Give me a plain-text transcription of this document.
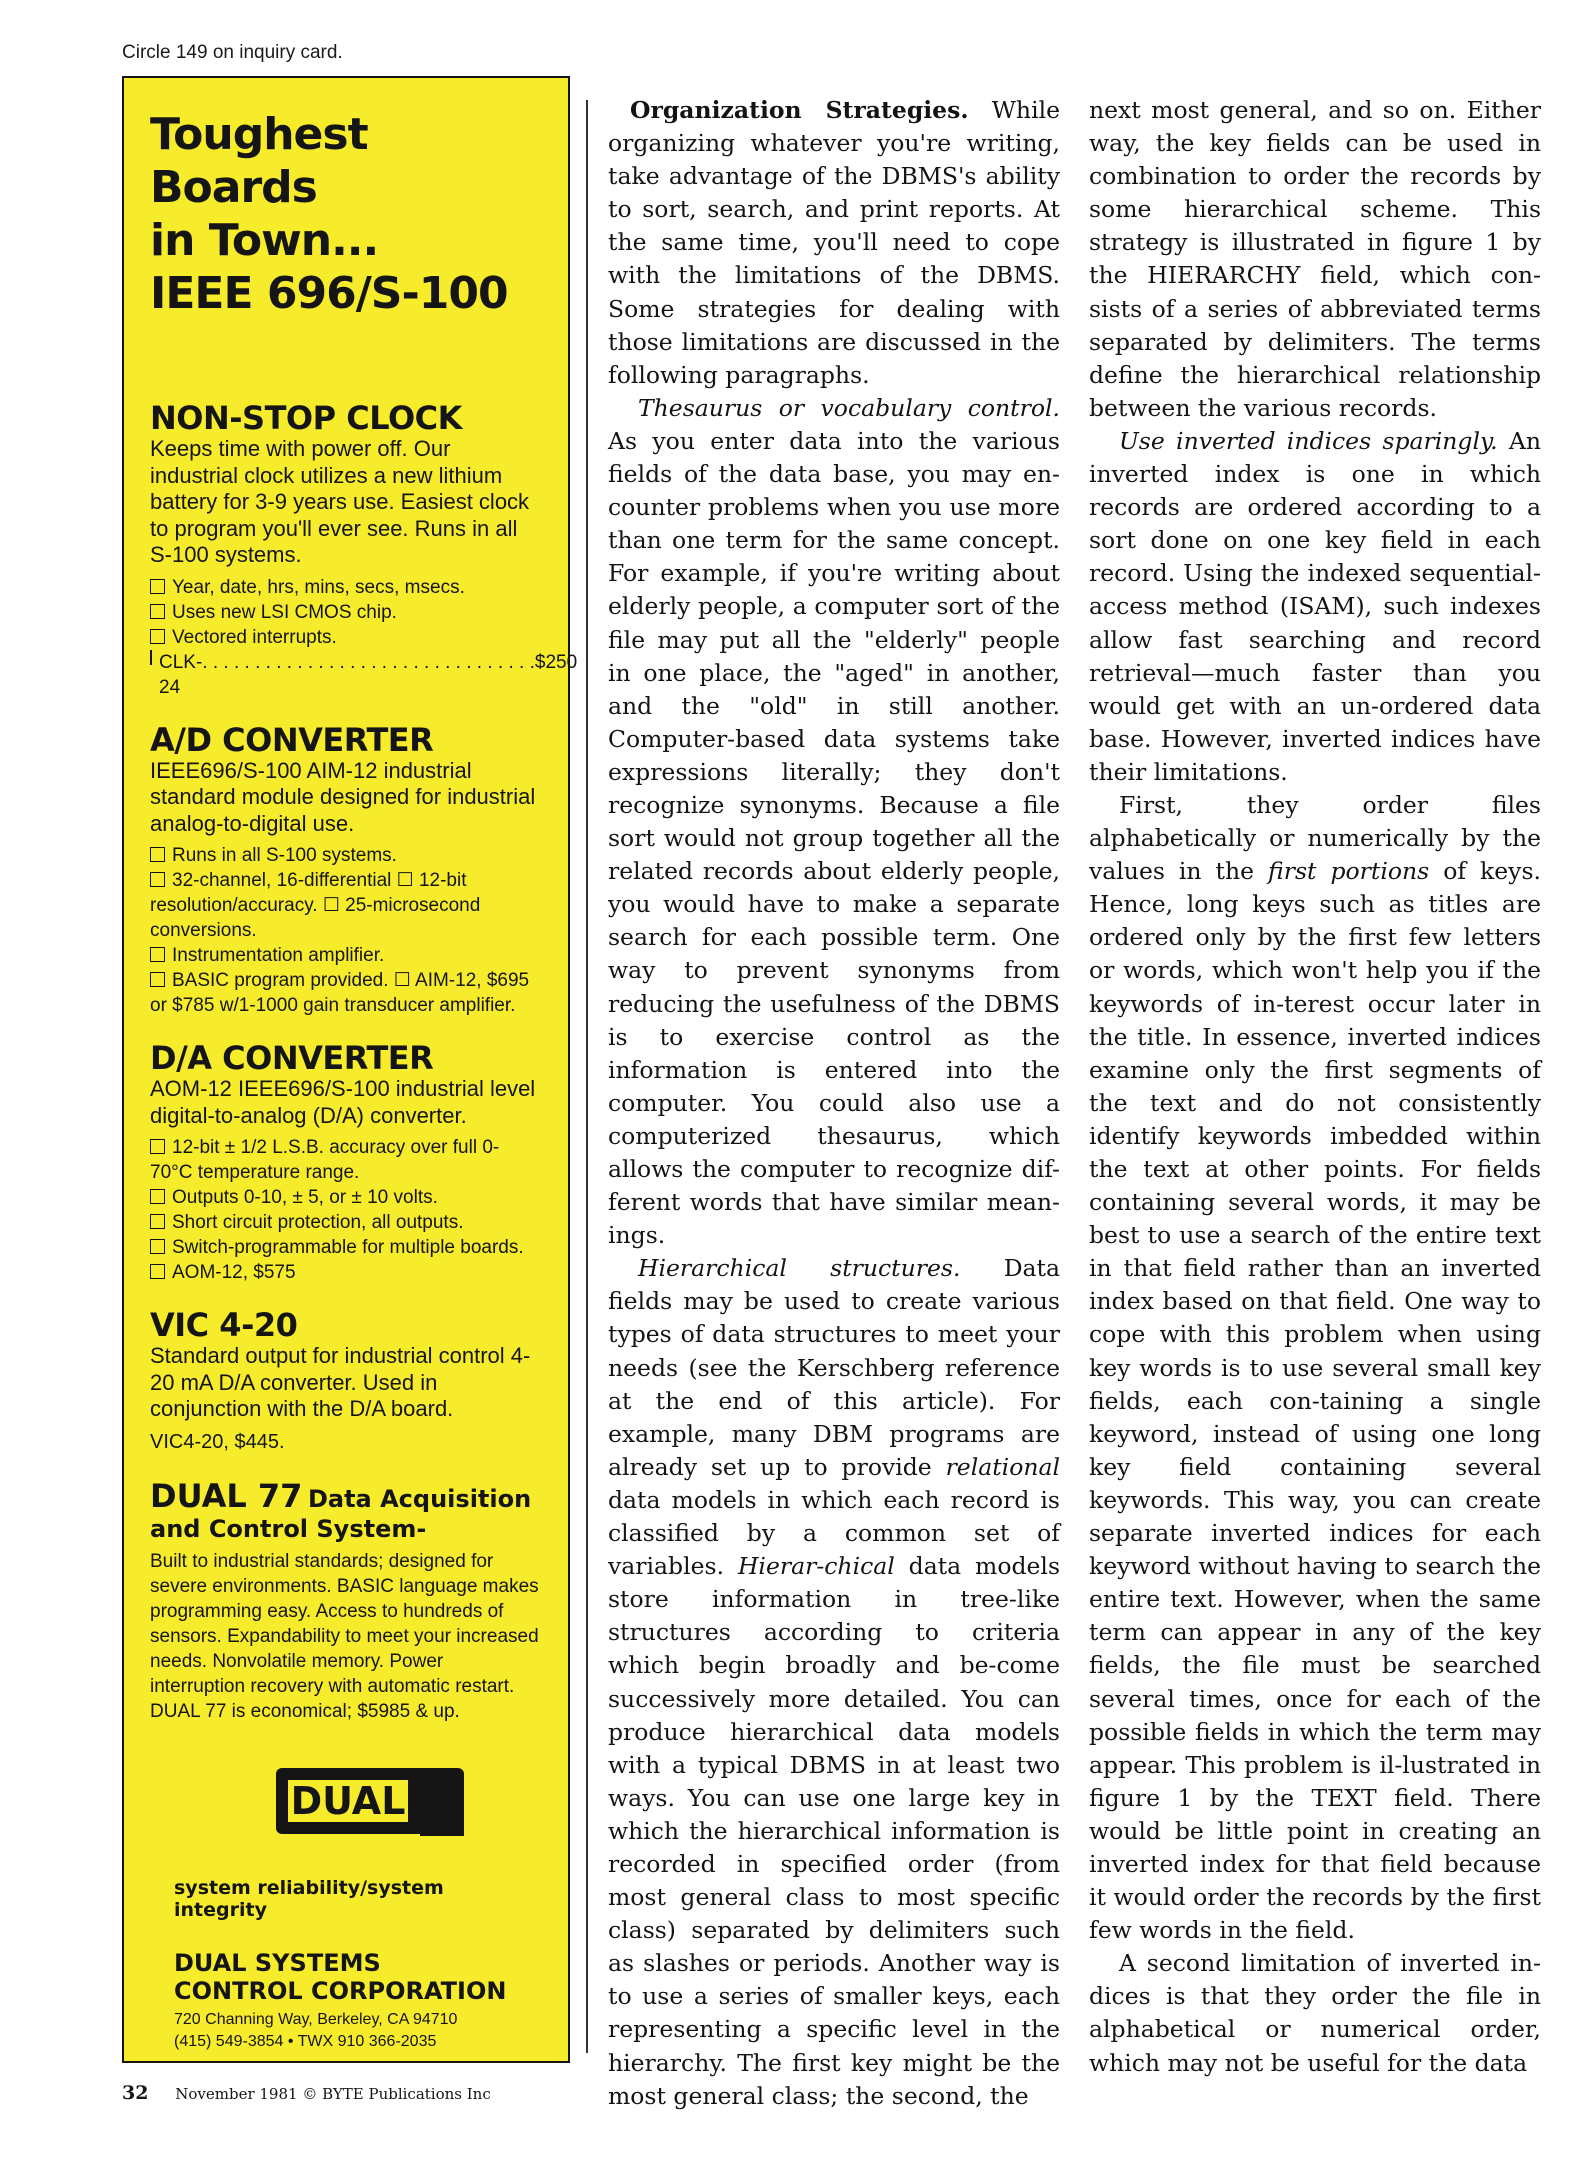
Circle 149 on inquiry card.
Toughest Boards
in Town...
IEEE 696/S-100
NON-STOP CLOCK
Keeps time with power off. Our industrial clock utilizes a new lithium battery for 3-9 years use. Easiest clock to program you'll ever see. Runs in all S-100 systems.
Year, date, hrs, mins, secs, msecs.
Uses new LSI CMOS chip.
Vectored interrupts.
CLK-24
. . . . . . . . . . . . . . . . . . . . . . . . . . . . . . . . $250
A/D CONVERTER
IEEE696/S-100 AIM-12 industrial standard module designed for industrial analog-to-digital use.
Runs in all S-100 systems.
32-channel, 16-differential ☐ 12-bit resolution/accuracy. ☐ 25-microsecond conversions.
Instrumentation amplifier.
BASIC program provided. ☐ AIM-12, $695 or $785 w/1-1000 gain transducer amplifier.
D/A CONVERTER
AOM-12 IEEE696/S-100 industrial level digital-to-analog (D/A) converter.
12-bit ± 1/2 L.S.B. accuracy over full 0-70°C temperature range.
Outputs 0-10, ± 5, or ± 10 volts.
Short circuit protection, all outputs.
Switch-programmable for multiple boards.
AOM-12, $575
VIC 4-20
Standard output for industrial control 4-20 mA D/A converter. Used in conjunction with the D/A board.
VIC4-20, $445.
DUAL 77 Data Acquisition and Control System-
Built to industrial standards; designed for severe environments. BASIC language makes programming easy. Access to hundreds of sensors. Expandability to meet your increased needs. Nonvolatile memory. Power interruption recovery with automatic restart. DUAL 77 is economical; $5985 & up.
DUAL
system reliability/system integrity
DUAL SYSTEMS
CONTROL CORPORATION
720 Channing Way, Berkeley, CA 94710
(415) 549-3854 • TWX 910 366-2035

Organization Strategies. While organizing whatever you're writing, take advantage of the DBMS's ability to sort, search, and print reports. At the same time, you'll need to cope with the limitations of the DBMS. Some strategies for dealing with those limitations are discussed in the following paragraphs.

Thesaurus or vocabulary control. As you enter data into the various fields of the data base, you may en-counter problems when you use more than one term for the same concept. For example, if you're writing about elderly people, a computer sort of the file may put all the "elderly" people in one place, the "aged" in another, and the "old" in still another. Computer-based data systems take expressions literally; they don't recognize synonyms. Because a file sort would not group together all the related records about elderly people, you would have to make a separate search for each possible term. One way to prevent synonyms from reducing the usefulness of the DBMS is to exercise control as the information is entered into the computer. You could also use a computerized thesaurus, which allows the computer to recognize dif-ferent words that have similar mean-ings.

Hierarchical structures. Data fields may be used to create various types of data structures to meet your needs (see the Kerschberg reference at the end of this article). For example, many DBM programs are already set up to provide relational data models in which each record is classified by a common set of variables. Hierar-chical data models store information in tree-like structures according to criteria which begin broadly and be-come successively more detailed. You can produce hierarchical data models with a typical DBMS in at least two ways. You can use one large key in which the hierarchical information is recorded in specified order (from most general class to most specific class) separated by delimiters such as slashes or periods. Another way is to use a series of smaller keys, each representing a specific level in the hierarchy. The first key might be the most general class; the second, the

next most general, and so on. Either way, the key fields can be used in combination to order the records by some hierarchical scheme. This strategy is illustrated in figure 1 by the HIERARCHY field, which con-sists of a series of abbreviated terms separated by delimiters. The terms define the hierarchical relationship between the various records.

Use inverted indices sparingly. An inverted index is one in which records are ordered according to a sort done on one key field in each record. Using the indexed sequential-access method (ISAM), such indexes allow fast searching and record retrieval—much faster than you would get with an un-ordered data base. However, inverted indices have their limitations.

First, they order files alphabetically or numerically by the values in the first portions of keys. Hence, long keys such as titles are ordered only by the first few letters or words, which won't help you if the keywords of in-terest occur later in the title. In essence, inverted indices examine only the first segments of the text and do not consistently identify keywords imbedded within the text at other points. For fields containing several words, it may be best to use a search of the entire text in that field rather than an inverted index based on that field. One way to cope with this problem when using key words is to use several small key fields, each con-taining a single keyword, instead of using one long key field containing several keywords. This way, you can create separate inverted indices for each keyword without having to search the entire text. However, when the same term can appear in any of the key fields, the file must be searched several times, once for each of the possible fields in which the term may appear. This problem is il-lustrated in figure 1 by the TEXT field. There would be little point in creating an inverted index for that field because it would order the records by the first few words in the field.

A second limitation of inverted in-dices is that they order the file in alphabetical or numerical order, which may not be useful for the data

32 November 1981 © BYTE Publications Inc
